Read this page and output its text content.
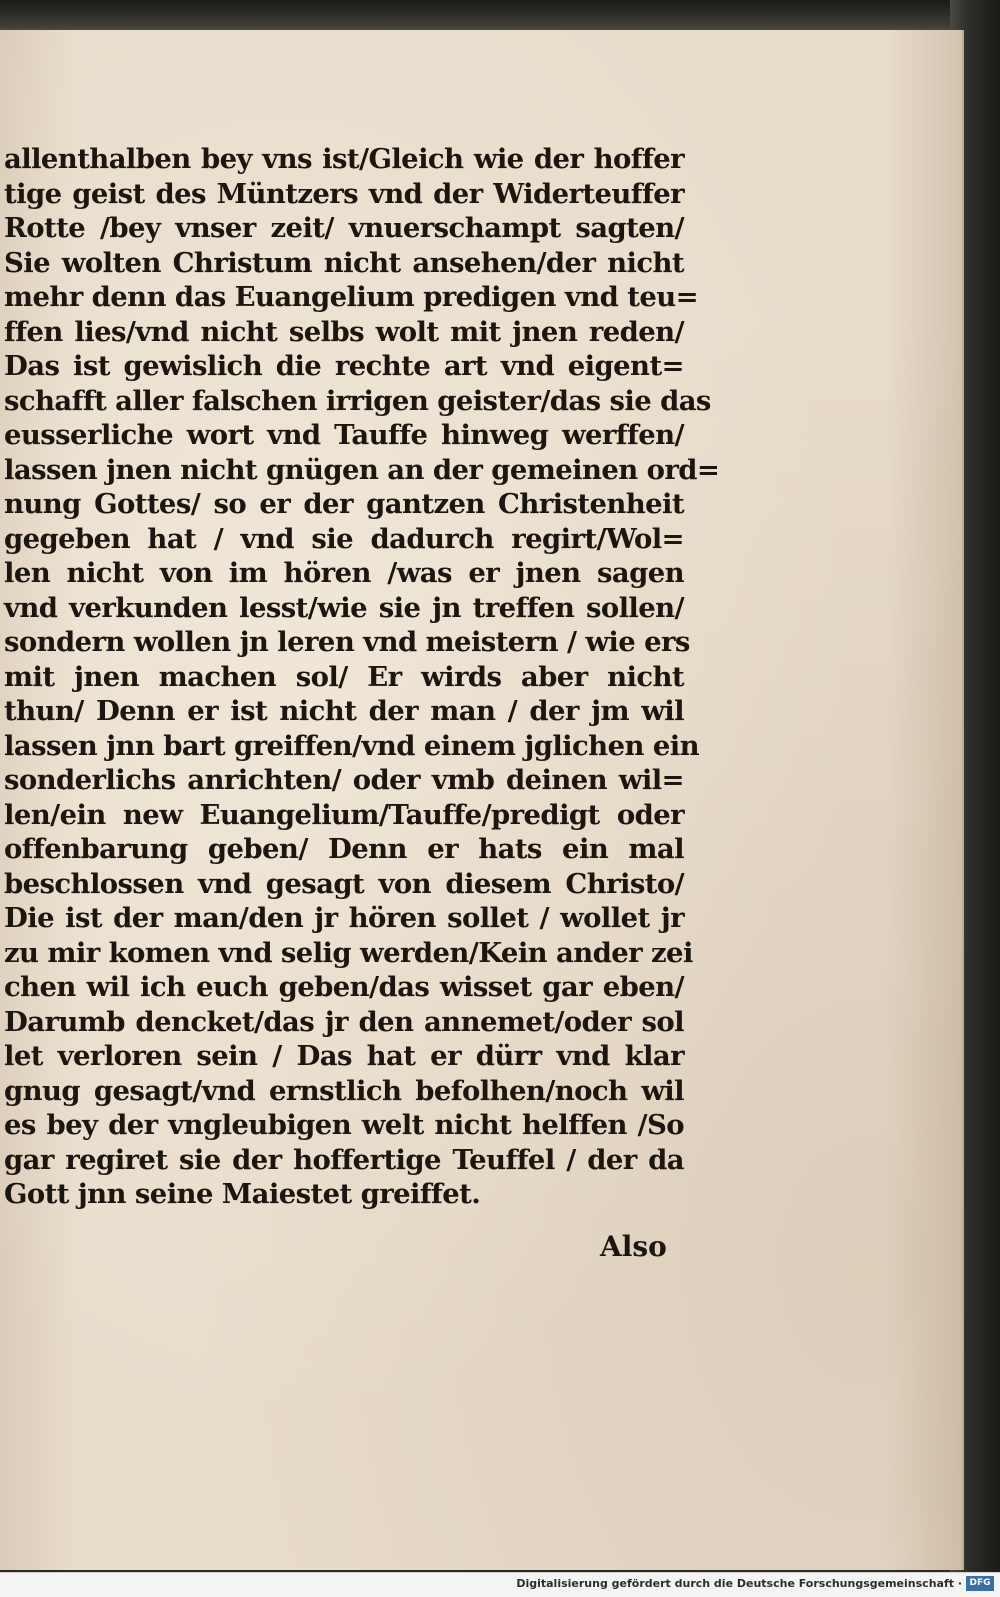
allenthalben bey vns ist/Gleich wie der hoffer
tige geist des Müntzers vnd der Widerteuffer
Rotte /bey vnser zeit/ vnuerschampt sagten/
Sie wolten Christum nicht ansehen/der nicht
mehr denn das Euangelium predigen vnd teu=
ffen lies/vnd nicht selbs wolt mit jnen reden/
Das ist gewislich die rechte art vnd eigent=
schafft aller falschen irrigen geister/das sie das
eusserliche wort vnd Tauffe hinweg werffen/
lassen jnen nicht gnügen an der gemeinen ord=
nung Gottes/ so er der gantzen Christenheit
gegeben hat / vnd sie dadurch regirt/Wol=
len nicht von im hören /was er jnen sagen
vnd verkunden lesst/wie sie jn treffen sollen/
sondern wollen jn leren vnd meistern / wie ers
mit jnen machen sol/ Er wirds aber nicht
thun/ Denn er ist nicht der man / der jm wil
lassen jnn bart greiffen/vnd einem jglichen ein
sonderlichs anrichten/ oder vmb deinen wil=
len/ein new Euangelium/Tauffe/predigt oder
offenbarung geben/ Denn er hats ein mal
beschlossen vnd gesagt von diesem Christo/
Die ist der man/den jr hören sollet / wollet jr
zu mir komen vnd selig werden/Kein ander zei
chen wil ich euch geben/das wisset gar eben/
Darumb dencket/das jr den annemet/oder sol
let verloren sein / Das hat er dürr vnd klar
gnug gesagt/vnd ernstlich befolhen/noch wil
es bey der vngleubigen welt nicht helffen /So
gar regiret sie der hoffertige Teuffel / der da
Gott jnn seine Maiestet greiffet.
Also
Digitalisierung gefördert durch die Deutsche Forschungsgemeinschaft · DFG
